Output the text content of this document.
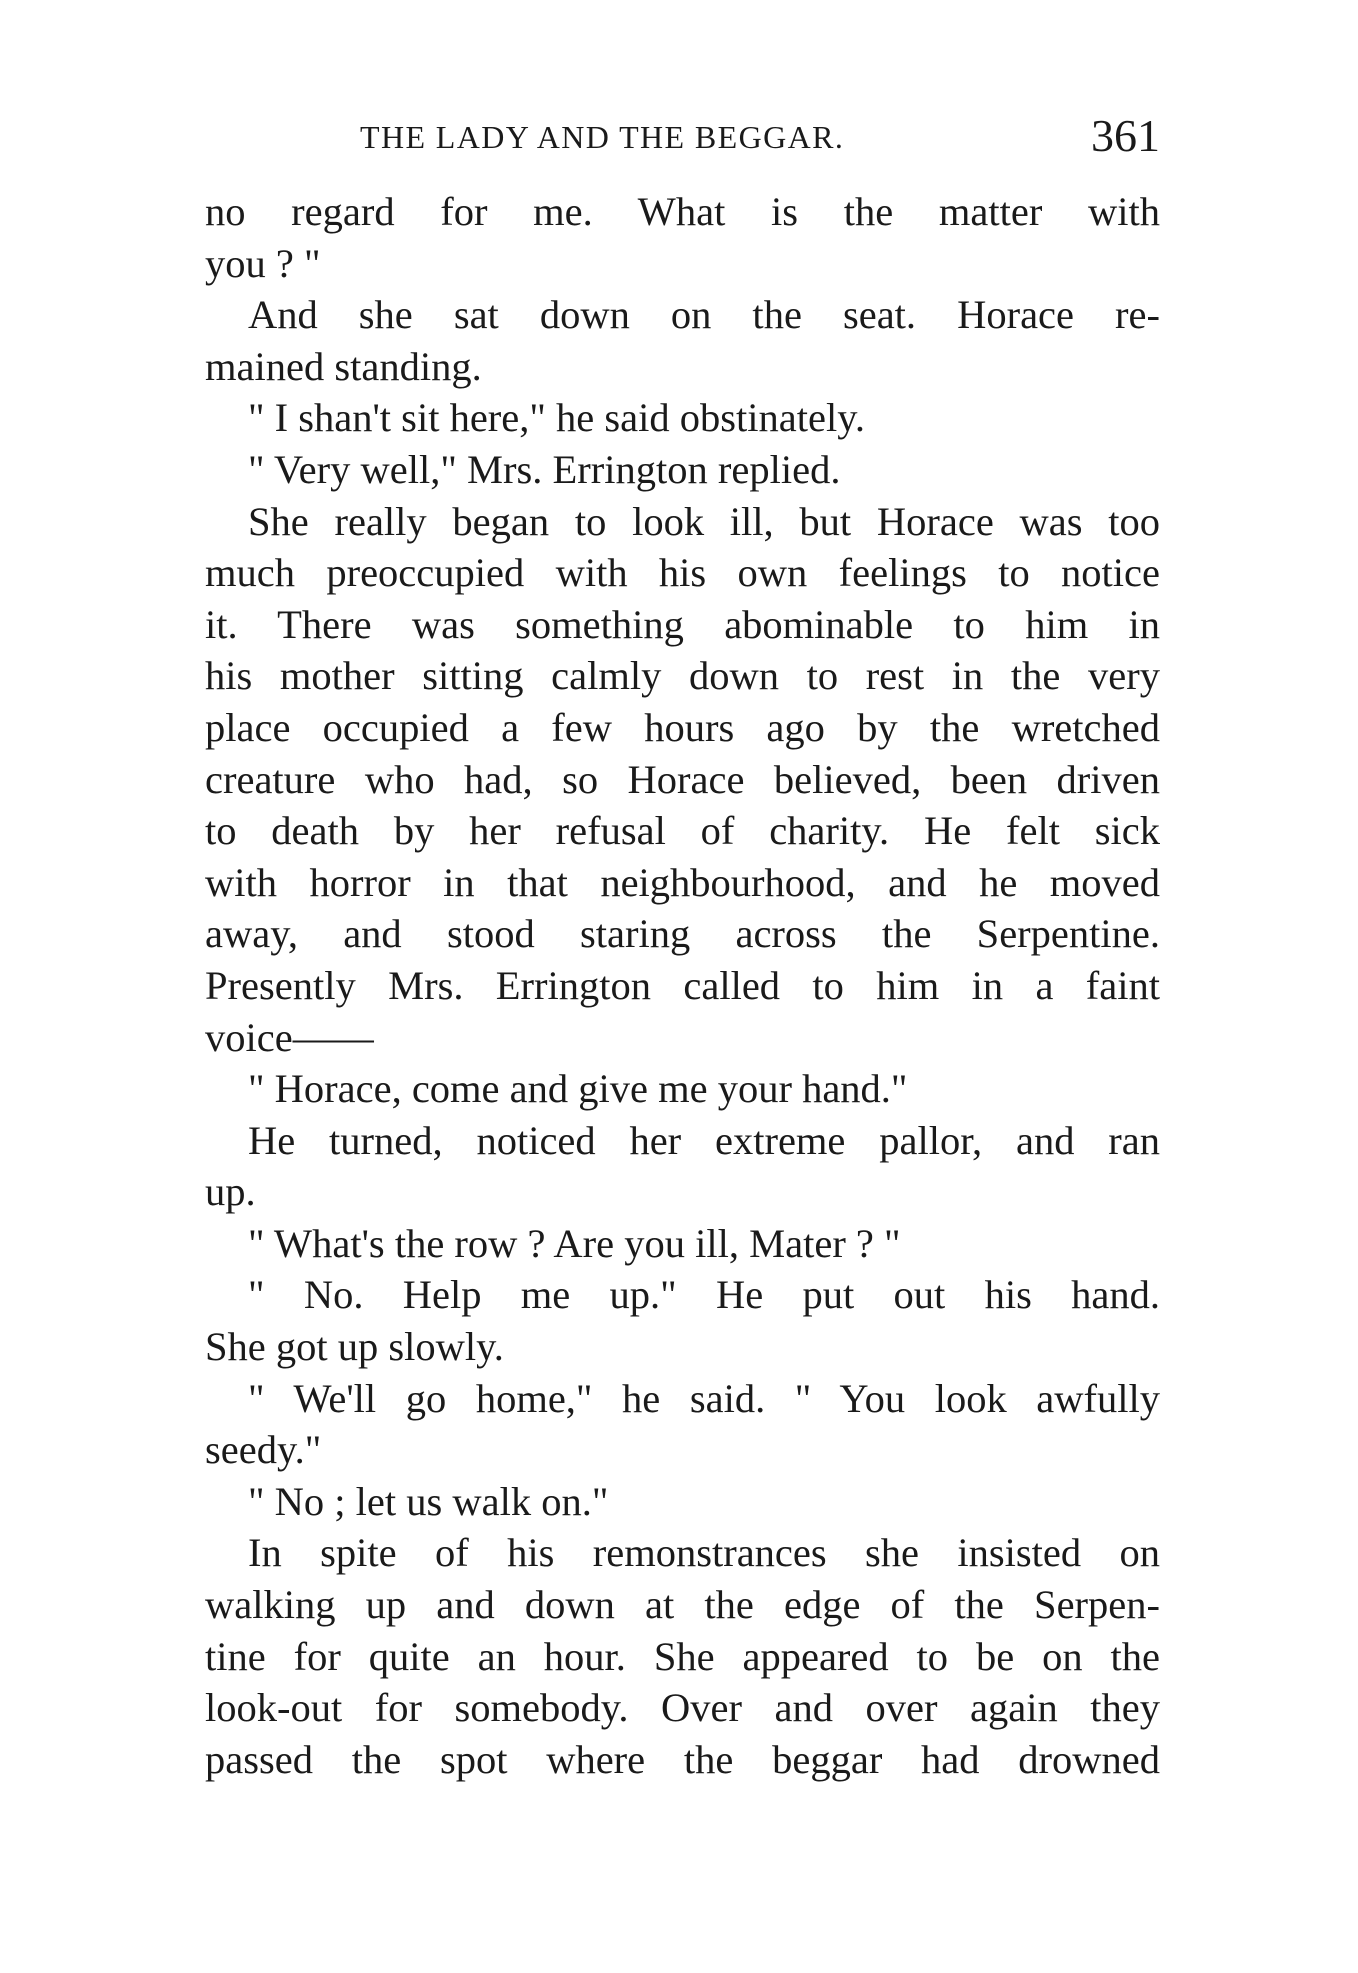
THE LADY AND THE BEGGAR.	361
no regard for me. What is the matter with
you ? "
And she sat down on the seat. Horace re-
mained standing.
" I shan't sit here," he said obstinately.
" Very well," Mrs. Errington replied.
She really began to look ill, but Horace was too
much preoccupied with his own feelings to notice
it. There was something abominable to him in
his mother sitting calmly down to rest in the very
place occupied a few hours ago by the wretched
creature who had, so Horace believed, been driven
to death by her refusal of charity. He felt sick
with horror in that neighbourhood, and he moved
away, and stood staring across the Serpentine.
Presently Mrs. Errington called to him in a faint
voice——
" Horace, come and give me your hand."
He turned, noticed her extreme pallor, and ran
up.
" What's the row ? Are you ill, Mater ? "
" No. Help me up." He put out his hand.
She got up slowly.
" We'll go home," he said. " You look awfully
seedy."
" No ; let us walk on."
In spite of his remonstrances she insisted on
walking up and down at the edge of the Serpen-
tine for quite an hour. She appeared to be on the
look-out for somebody. Over and over again they
passed the spot where the beggar had drowned
